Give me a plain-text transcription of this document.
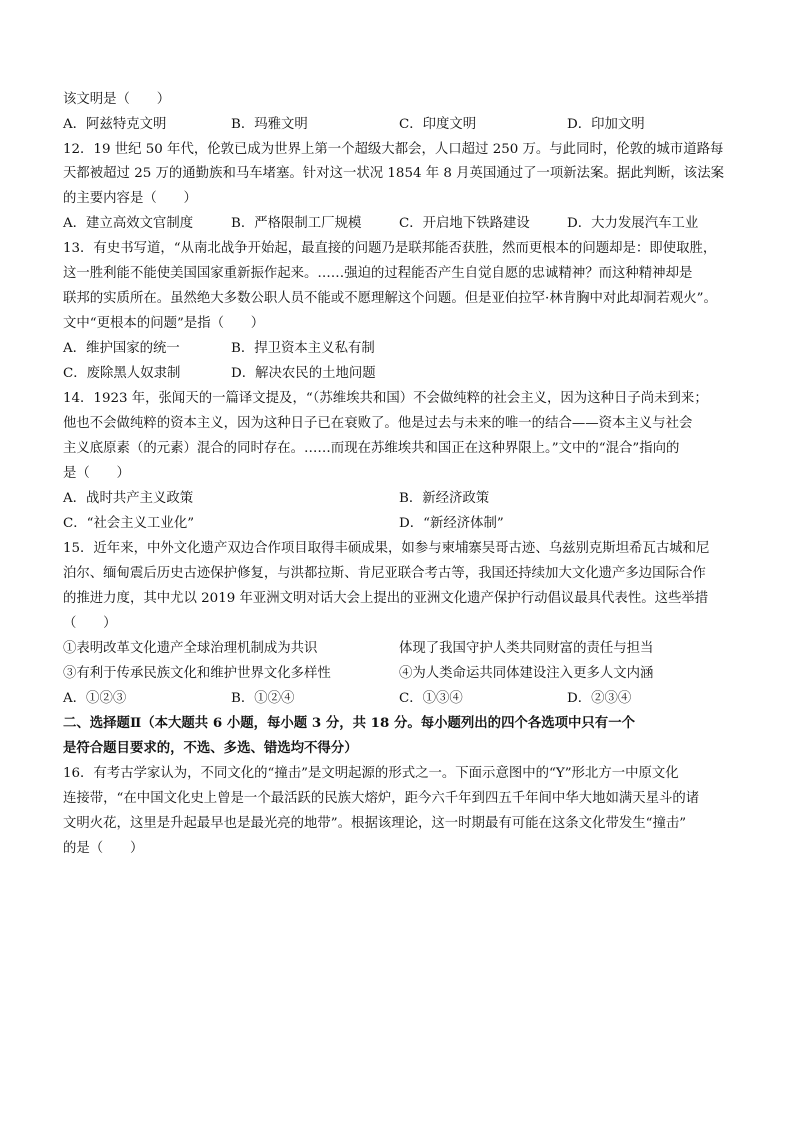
该文明是（　　）
A．阿兹特克文明	B．玛雅文明	C．印度文明	D．印加文明
12．19 世纪 50 年代，伦敦已成为世界上第一个超级大都会，人口超过 250 万。与此同时，伦敦的城市道路每
天都被超过 25 万的通勤族和马车堵塞。针对这一状况 1854 年 8 月英国通过了一项新法案。据此判断，该法案
的主要内容是（　　）
A．建立高效文官制度	B．严格限制工厂规模	C．开启地下铁路建设	D．大力发展汽车工业
13．有史书写道，“从南北战争开始起，最直接的问题乃是联邦能否获胜，然而更根本的问题却是：即使取胜，
这一胜利能不能使美国国家重新振作起来。……强迫的过程能否产生自觉自愿的忠诚精神？而这种精神却是
联邦的实质所在。虽然绝大多数公职人员不能或不愿理解这个问题。但是亚伯拉罕·林肯胸中对此却洞若观火”。
文中“更根本的问题”是指（　　）
A．维护国家的统一	B．捍卫资本主义私有制
C．废除黑人奴隶制	D．解决农民的土地问题
14．1923 年，张闻天的一篇译文提及，“（苏维埃共和国）不会做纯粹的社会主义，因为这种日子尚未到来；
他也不会做纯粹的资本主义，因为这种日子已在衰败了。他是过去与未来的唯一的结合——资本主义与社会
主义底原素（的元素）混合的同时存在。……而现在苏维埃共和国正在这种界限上。”文中的“混合”指向的
是（　　）
A．战时共产主义政策	B．新经济政策
C．“社会主义工业化”	D．“新经济体制”
15．近年来，中外文化遗产双边合作项目取得丰硕成果，如参与柬埔寨吴哥古迹、乌兹别克斯坦希瓦古城和尼
泊尔、缅甸震后历史古迹保护修复，与洪都拉斯、肯尼亚联合考古等，我国还持续加大文化遗产多边国际合作
的推进力度，其中尤以 2019 年亚洲文明对话大会上提出的亚洲文化遗产保护行动倡议最具代表性。这些举措
（　　）
①表明改革文化遗产全球治理机制成为共识	体现了我国守护人类共同财富的责任与担当
③有利于传承民族文化和维护世界文化多样性	④为人类命运共同体建设注入更多人文内涵
A．①②③	B．①②④	C．①③④	D．②③④
二、选择题Ⅱ（本大题共 6 小题，每小题 3 分，共 18 分。每小题列出的四个各选项中只有一个
是符合题目要求的，不选、多选、错选均不得分）
16．有考古学家认为，不同文化的“撞击”是文明起源的形式之一。下面示意图中的“Y”形北方一中原文化
连接带，“在中国文化史上曾是一个最活跃的民族大熔炉，距今六千年到四五千年间中华大地如满天星斗的诸
文明火花，这里是升起最早也是最光亮的地带”。根据该理论，这一时期最有可能在这条文化带发生“撞击”
的是（　　）
